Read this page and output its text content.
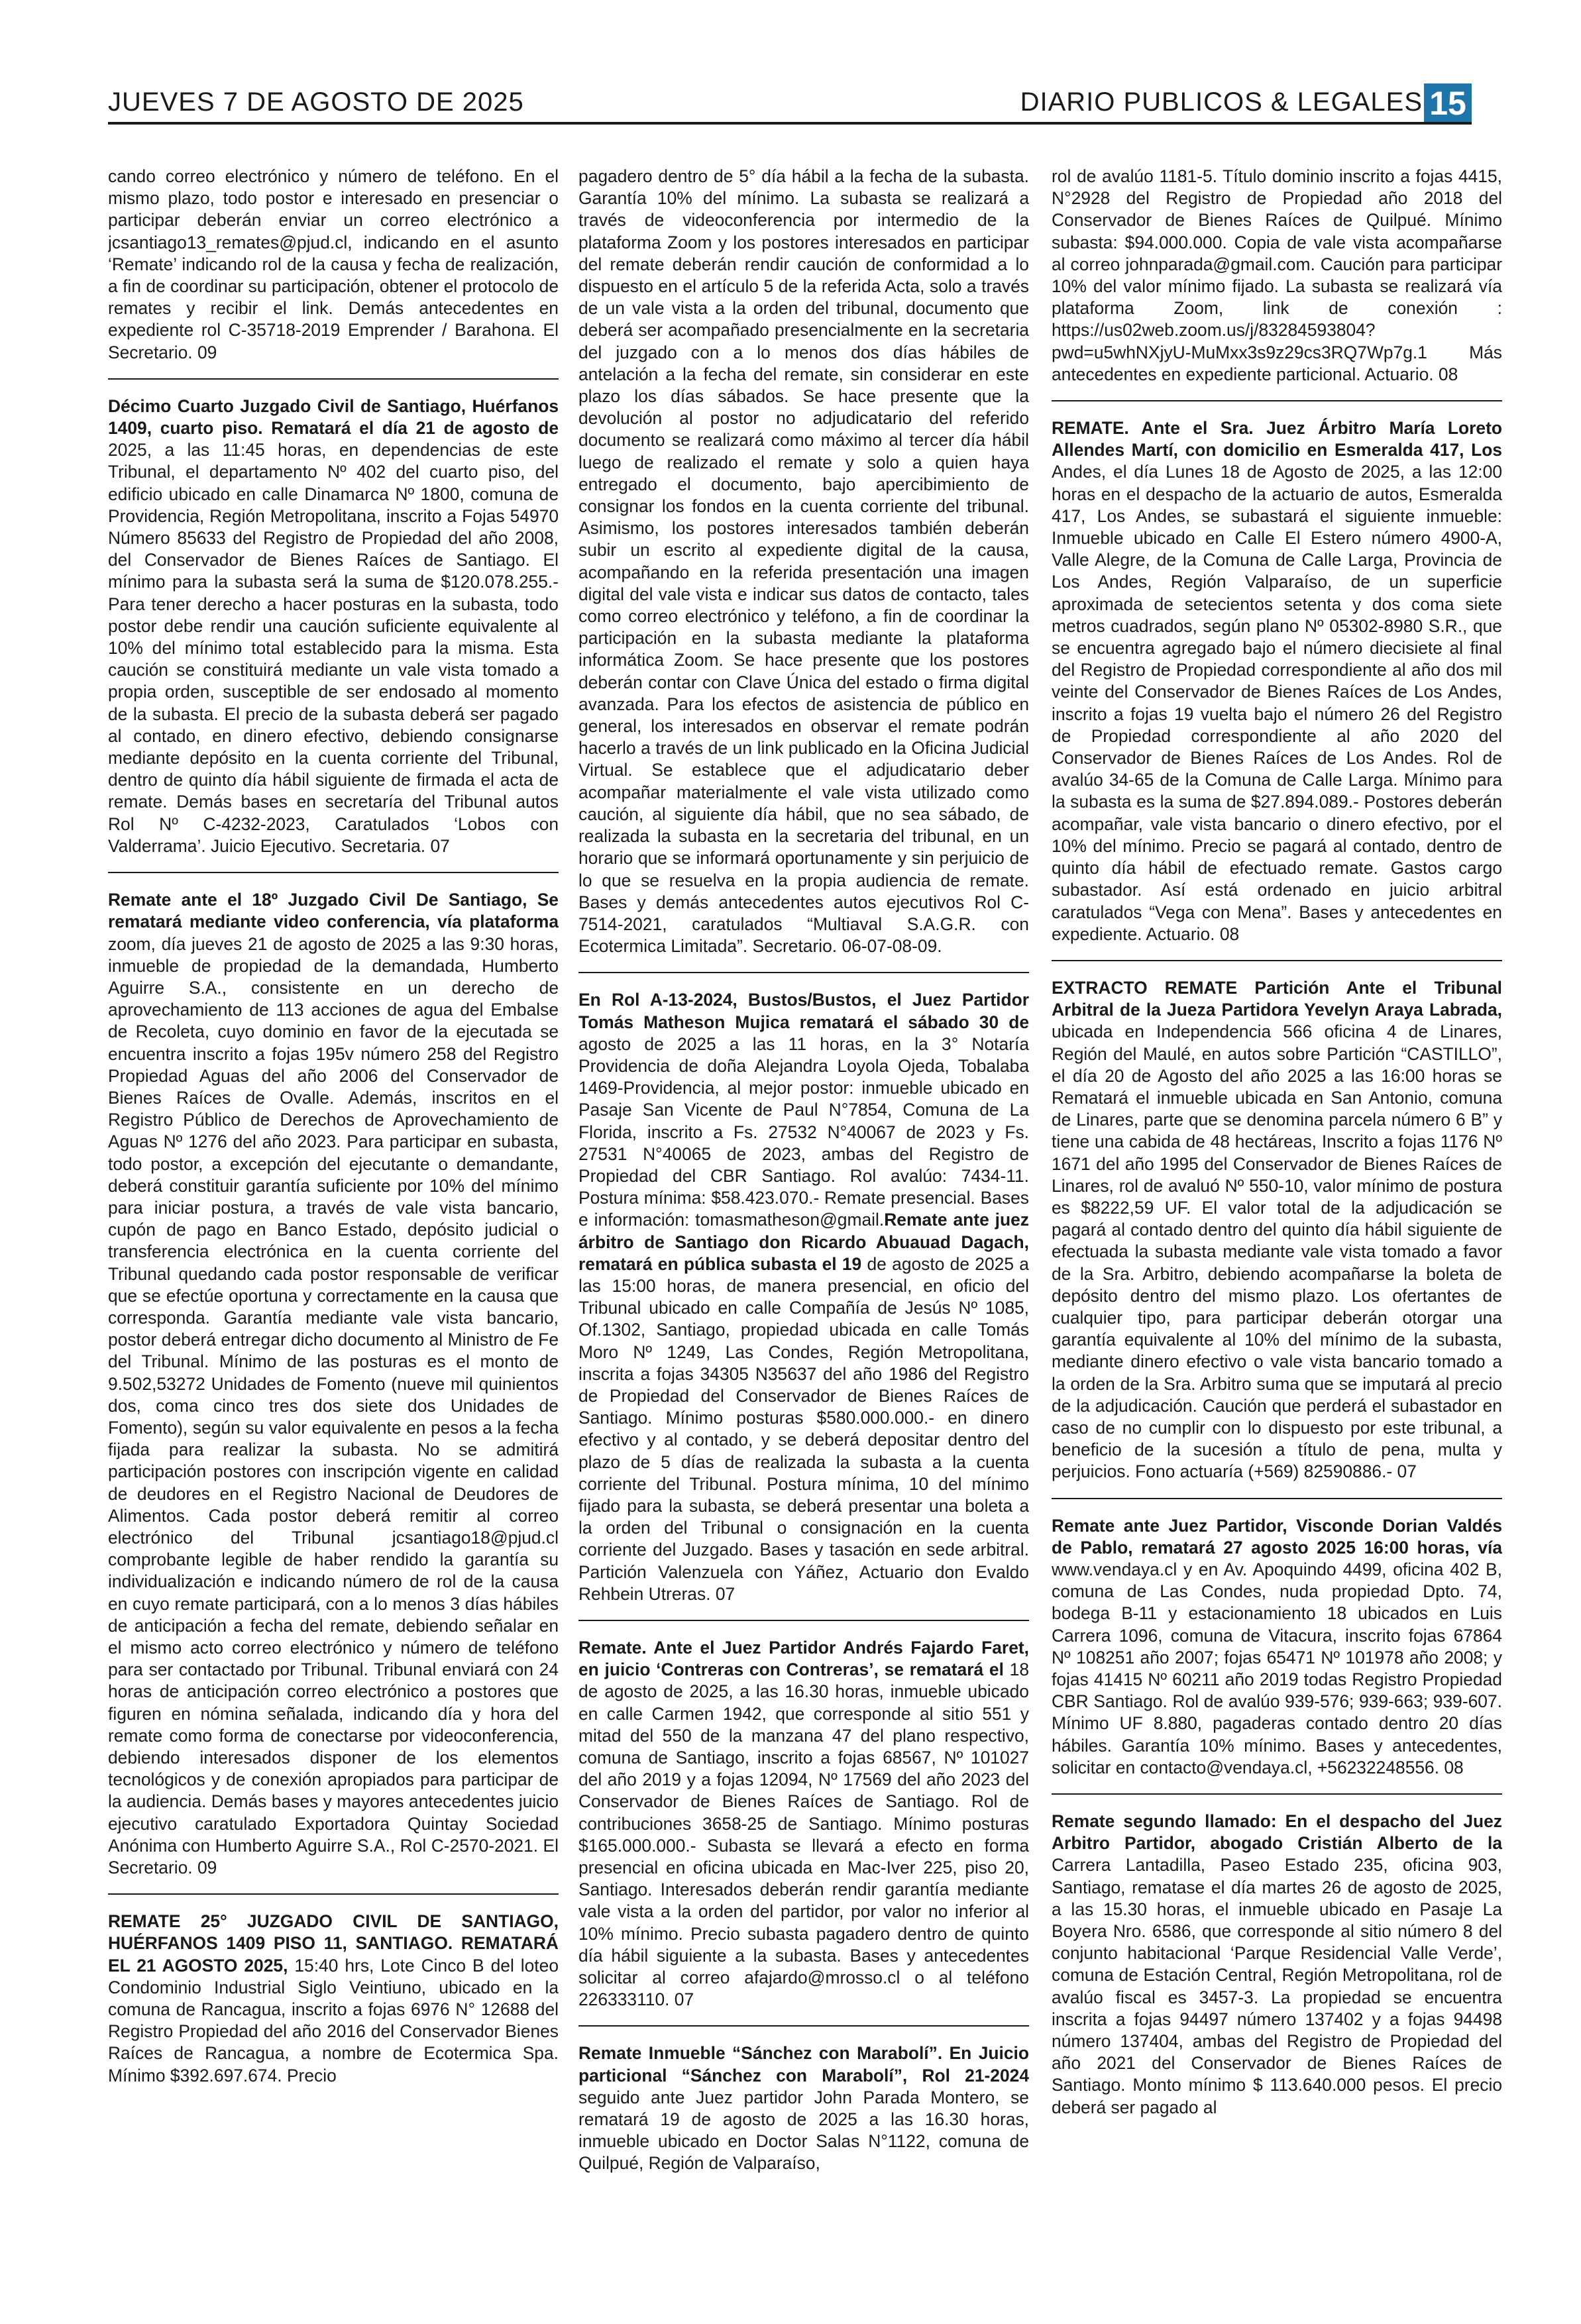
JUEVES 7 DE AGOSTO DE 2025	DIARIO PUBLICOS & LEGALES 15

cando correo electrónico y número de teléfono. En el mismo plazo, todo postor e interesado en presenciar o participar deberán enviar un correo electrónico a jcsantiago13_remates@pjud.cl, indicando en el asunto ‘Remate’ indicando rol de la causa y fecha de realización, a fin de coordinar su participación, obtener el protocolo de remates y recibir el link. Demás antecedentes en expediente rol C-35718-2019 Emprender / Barahona. El Secretario. 09

Décimo Cuarto Juzgado Civil de Santiago, Huérfanos 1409, cuarto piso. Rematará el día 21 de agosto de 2025, a las 11:45 horas, en dependencias de este Tribunal, el departamento Nº 402 del cuarto piso, del edificio ubicado en calle Dinamarca Nº 1800, comuna de Providencia, Región Metropolitana, inscrito a Fojas 54970 Número 85633 del Registro de Propiedad del año 2008, del Conservador de Bienes Raíces de Santiago. El mínimo para la subasta será la suma de $120.078.255.- Para tener derecho a hacer posturas en la subasta, todo postor debe rendir una caución suficiente equivalente al 10% del mínimo total establecido para la misma. Esta caución se constituirá mediante un vale vista tomado a propia orden, susceptible de ser endosado al momento de la subasta. El precio de la subasta deberá ser pagado al contado, en dinero efectivo, debiendo consignarse mediante depósito en la cuenta corriente del Tribunal, dentro de quinto día hábil siguiente de firmada el acta de remate. Demás bases en secretaría del Tribunal autos Rol Nº C-4232-2023, Caratulados ‘Lobos con Valderrama’. Juicio Ejecutivo. Secretaria. 07

Remate ante el 18º Juzgado Civil De Santiago, Se rematará mediante video conferencia, vía plataforma zoom, día jueves 21 de agosto de 2025 a las 9:30 horas, inmueble de propiedad de la demandada, Humberto Aguirre S.A., consistente en un derecho de aprovechamiento de 113 acciones de agua del Embalse de Recoleta, cuyo dominio en favor de la ejecutada se encuentra inscrito a fojas 195v número 258 del Registro Propiedad Aguas del año 2006 del Conservador de Bienes Raíces de Ovalle. Además, inscritos en el Registro Público de Derechos de Aprovechamiento de Aguas Nº 1276 del año 2023. Para participar en subasta, todo postor, a excepción del ejecutante o demandante, deberá constituir garantía suficiente por 10% del mínimo para iniciar postura, a través de vale vista bancario, cupón de pago en Banco Estado, depósito judicial o transferencia electrónica en la cuenta corriente del Tribunal quedando cada postor responsable de verificar que se efectúe oportuna y correctamente en la causa que corresponda. Garantía mediante vale vista bancario, postor deberá entregar dicho documento al Ministro de Fe del Tribunal. Mínimo de las posturas es el monto de 9.502,53272 Unidades de Fomento (nueve mil quinientos dos, coma cinco tres dos siete dos Unidades de Fomento), según su valor equivalente en pesos a la fecha fijada para realizar la subasta. No se admitirá participación postores con inscripción vigente en calidad de deudores en el Registro Nacional de Deudores de Alimentos. Cada postor deberá remitir al correo electrónico del Tribunal jcsantiago18@pjud.cl comprobante legible de haber rendido la garantía su individualización e indicando número de rol de la causa en cuyo remate participará, con a lo menos 3 días hábiles de anticipación a fecha del remate, debiendo señalar en el mismo acto correo electrónico y número de teléfono para ser contactado por Tribunal. Tribunal enviará con 24 horas de anticipación correo electrónico a postores que figuren en nómina señalada, indicando día y hora del remate como forma de conectarse por videoconferencia, debiendo interesados disponer de los elementos tecnológicos y de conexión apropiados para participar de la audiencia. Demás bases y mayores antecedentes juicio ejecutivo caratulado Exportadora Quintay Sociedad Anónima con Humberto Aguirre S.A., Rol C-2570-2021. El Secretario. 09

REMATE 25° JUZGADO CIVIL DE SANTIAGO, HUÉRFANOS 1409 PISO 11, SANTIAGO. REMATARÁ EL 21 AGOSTO 2025, 15:40 hrs, Lote Cinco B del loteo Condominio Industrial Siglo Veintiuno, ubicado en la comuna de Rancagua, inscrito a fojas 6976 N° 12688 del Registro Propiedad del año 2016 del Conservador Bienes Raíces de Rancagua, a nombre de Ecotermica Spa. Mínimo $392.697.674. Precio

pagadero dentro de 5° día hábil a la fecha de la subasta. Garantía 10% del mínimo. La subasta se realizará a través de videoconferencia por intermedio de la plataforma Zoom y los postores interesados en participar del remate deberán rendir caución de conformidad a lo dispuesto en el artículo 5 de la referida Acta, solo a través de un vale vista a la orden del tribunal, documento que deberá ser acompañado presencialmente en la secretaria del juzgado con a lo menos dos días hábiles de antelación a la fecha del remate, sin considerar en este plazo los días sábados. Se hace presente que la devolución al postor no adjudicatario del referido documento se realizará como máximo al tercer día hábil luego de realizado el remate y solo a quien haya entregado el documento, bajo apercibimiento de consignar los fondos en la cuenta corriente del tribunal. Asimismo, los postores interesados también deberán subir un escrito al expediente digital de la causa, acompañando en la referida presentación una imagen digital del vale vista e indicar sus datos de contacto, tales como correo electrónico y teléfono, a fin de coordinar la participación en la subasta mediante la plataforma informática Zoom. Se hace presente que los postores deberán contar con Clave Única del estado o firma digital avanzada. Para los efectos de asistencia de público en general, los interesados en observar el remate podrán hacerlo a través de un link publicado en la Oficina Judicial Virtual. Se establece que el adjudicatario deber acompañar materialmente el vale vista utilizado como caución, al siguiente día hábil, que no sea sábado, de realizada la subasta en la secretaria del tribunal, en un horario que se informará oportunamente y sin perjuicio de lo que se resuelva en la propia audiencia de remate. Bases y demás antecedentes autos ejecutivos Rol C-7514-2021, caratulados “Multiaval S.A.G.R. con Ecotermica Limitada”. Secretario. 06-07-08-09.

En Rol A-13-2024, Bustos/Bustos, el Juez Partidor Tomás Matheson Mujica rematará el sábado 30 de agosto de 2025 a las 11 horas, en la 3° Notaría Providencia de doña Alejandra Loyola Ojeda, Tobalaba 1469-Providencia, al mejor postor: inmueble ubicado en Pasaje San Vicente de Paul N°7854, Comuna de La Florida, inscrito a Fs. 27532 N°40067 de 2023 y Fs. 27531 N°40065 de 2023, ambas del Registro de Propiedad del CBR Santiago. Rol avalúo: 7434-11. Postura mínima: $58.423.070.- Remate presencial. Bases e información: tomasmatheson@gmail.Remate ante juez árbitro de Santiago don Ricardo Abuauad Dagach, rematará en pública subasta el 19 de agosto de 2025 a las 15:00 horas, de manera presencial, en oficio del Tribunal ubicado en calle Compañía de Jesús Nº 1085, Of.1302, Santiago, propiedad ubicada en calle Tomás Moro Nº 1249, Las Condes, Región Metropolitana, inscrita a fojas 34305 N35637 del año 1986 del Registro de Propiedad del Conservador de Bienes Raíces de Santiago. Mínimo posturas $580.000.000.- en dinero efectivo y al contado, y se deberá depositar dentro del plazo de 5 días de realizada la subasta a la cuenta corriente del Tribunal. Postura mínima, 10 del mínimo fijado para la subasta, se deberá presentar una boleta a la orden del Tribunal o consignación en la cuenta corriente del Juzgado. Bases y tasación en sede arbitral. Partición Valenzuela con Yáñez, Actuario don Evaldo Rehbein Utreras. 07

Remate. Ante el Juez Partidor Andrés Fajardo Faret, en juicio ‘Contreras con Contreras’, se rematará el 18 de agosto de 2025, a las 16.30 horas, inmueble ubicado en calle Carmen 1942, que corresponde al sitio 551 y mitad del 550 de la manzana 47 del plano respectivo, comuna de Santiago, inscrito a fojas 68567, Nº 101027 del año 2019 y a fojas 12094, Nº 17569 del año 2023 del Conservador de Bienes Raíces de Santiago. Rol de contribuciones 3658-25 de Santiago. Mínimo posturas $165.000.000.- Subasta se llevará a efecto en forma presencial en oficina ubicada en Mac-Iver 225, piso 20, Santiago. Interesados deberán rendir garantía mediante vale vista a la orden del partidor, por valor no inferior al 10% mínimo. Precio subasta pagadero dentro de quinto día hábil siguiente a la subasta. Bases y antecedentes solicitar al correo afajardo@mrosso.cl o al teléfono 226333110. 07

Remate Inmueble “Sánchez con Marabolí”. En Juicio particional “Sánchez con Marabolí”, Rol 21-2024 seguido ante Juez partidor John Parada Montero, se rematará 19 de agosto de 2025 a las 16.30 horas, inmueble ubicado en Doctor Salas N°1122, comuna de Quilpué, Región de Valparaíso,

rol de avalúo 1181-5. Título dominio inscrito a fojas 4415, N°2928 del Registro de Propiedad año 2018 del Conservador de Bienes Raíces de Quilpué. Mínimo subasta: $94.000.000. Copia de vale vista acompañarse al correo johnparada@gmail.com. Caución para participar 10% del valor mínimo fijado. La subasta se realizará vía plataforma Zoom, link de conexión : https://us02web.zoom.us/j/83284593804?pwd=u5whNXjyU-MuMxx3s9z29cs3RQ7Wp7g.1 Más antecedentes en expediente particional. Actuario. 08

REMATE. Ante el Sra. Juez Árbitro María Loreto Allendes Martí, con domicilio en Esmeralda 417, Los Andes, el día Lunes 18 de Agosto de 2025, a las 12:00 horas en el despacho de la actuario de autos, Esmeralda 417, Los Andes, se subastará el siguiente inmueble: Inmueble ubicado en Calle El Estero número 4900-A, Valle Alegre, de la Comuna de Calle Larga, Provincia de Los Andes, Región Valparaíso, de un superficie aproximada de setecientos setenta y dos coma siete metros cuadrados, según plano Nº 05302-8980 S.R., que se encuentra agregado bajo el número diecisiete al final del Registro de Propiedad correspondiente al año dos mil veinte del Conservador de Bienes Raíces de Los Andes, inscrito a fojas 19 vuelta bajo el número 26 del Registro de Propiedad correspondiente al año 2020 del Conservador de Bienes Raíces de Los Andes. Rol de avalúo 34-65 de la Comuna de Calle Larga. Mínimo para la subasta es la suma de $27.894.089.- Postores deberán acompañar, vale vista bancario o dinero efectivo, por el 10% del mínimo. Precio se pagará al contado, dentro de quinto día hábil de efectuado remate. Gastos cargo subastador. Así está ordenado en juicio arbitral caratulados “Vega con Mena”. Bases y antecedentes en expediente. Actuario. 08

EXTRACTO REMATE Partición Ante el Tribunal Arbitral de la Jueza Partidora Yevelyn Araya Labrada, ubicada en Independencia 566 oficina 4 de Linares, Región del Maulé, en autos sobre Partición “CASTILLO”, el día 20 de Agosto del año 2025 a las 16:00 horas se Rematará el inmueble ubicada en San Antonio, comuna de Linares, parte que se denomina parcela número 6 B” y tiene una cabida de 48 hectáreas, Inscrito a fojas 1176 Nº 1671 del año 1995 del Conservador de Bienes Raíces de Linares, rol de avaluó Nº 550-10, valor mínimo de postura es $8222,59 UF. El valor total de la adjudicación se pagará al contado dentro del quinto día hábil siguiente de efectuada la subasta mediante vale vista tomado a favor de la Sra. Arbitro, debiendo acompañarse la boleta de depósito dentro del mismo plazo. Los ofertantes de cualquier tipo, para participar deberán otorgar una garantía equivalente al 10% del mínimo de la subasta, mediante dinero efectivo o vale vista bancario tomado a la orden de la Sra. Arbitro suma que se imputará al precio de la adjudicación. Caución que perderá el subastador en caso de no cumplir con lo dispuesto por este tribunal, a beneficio de la sucesión a título de pena, multa y perjuicios. Fono actuaría (+569) 82590886.- 07

Remate ante Juez Partidor, Visconde Dorian Valdés de Pablo, rematará 27 agosto 2025 16:00 horas, vía www.vendaya.cl y en Av. Apoquindo 4499, oficina 402 B, comuna de Las Condes, nuda propiedad Dpto. 74, bodega B-11 y estacionamiento 18 ubicados en Luis Carrera 1096, comuna de Vitacura, inscrito fojas 67864 Nº 108251 año 2007; fojas 65471 Nº 101978 año 2008; y fojas 41415 Nº 60211 año 2019 todas Registro Propiedad CBR Santiago. Rol de avalúo 939-576; 939-663; 939-607. Mínimo UF 8.880, pagaderas contado dentro 20 días hábiles. Garantía 10% mínimo. Bases y antecedentes, solicitar en contacto@vendaya.cl, +56232248556. 08

Remate segundo llamado: En el despacho del Juez Arbitro Partidor, abogado Cristián Alberto de la Carrera Lantadilla, Paseo Estado 235, oficina 903, Santiago, rematase el día martes 26 de agosto de 2025, a las 15.30 horas, el inmueble ubicado en Pasaje La Boyera Nro. 6586, que corresponde al sitio número 8 del conjunto habitacional ‘Parque Residencial Valle Verde’, comuna de Estación Central, Región Metropolitana, rol de avalúo fiscal es 3457-3. La propiedad se encuentra inscrita a fojas 94497 número 137402 y a fojas 94498 número 137404, ambas del Registro de Propiedad del año 2021 del Conservador de Bienes Raíces de Santiago. Monto mínimo $ 113.640.000 pesos. El precio deberá ser pagado al
